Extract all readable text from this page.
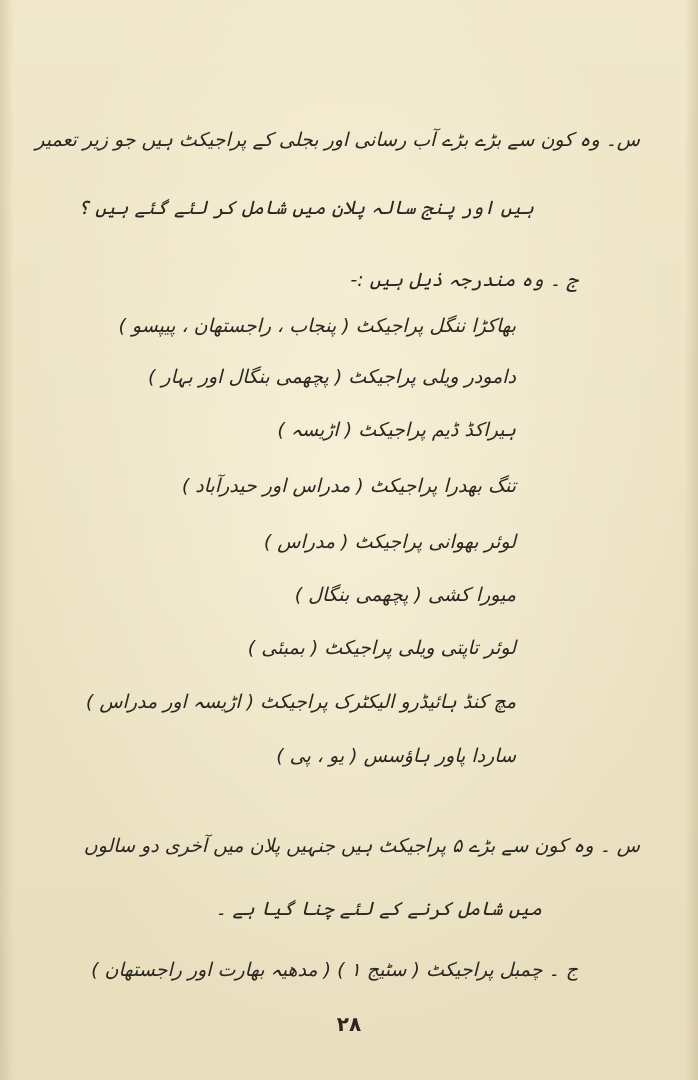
س۔ وہ کون سے بڑے بڑے آب رسانی اور بجلی کے پراجیکٹ ہیں جو زیر تعمیر
ہیں اور پنج سالہ پلان میں شامل کر لئے گئے ہیں ؟
ج ۔ وہ مندرجہ ذیل ہیں :-
بھاکڑا ننگل پراجیکٹ ( پنجاب ، راجستھان ، پیپسو )
دامودر ویلی پراجیکٹ ( پچھمی بنگال اور بہار )
ہیراکڈ ڈیم پراجیکٹ ( اڑیسہ )
تنگ بھدرا پراجیکٹ ( مدراس اور حیدرآباد )
لوئر بھوانی پراجیکٹ ( مدراس )
میورا کشی ( پچھمی بنگال )
لوئر تاپتی ویلی پراجیکٹ ( بمبئی )
مچ کنڈ ہائیڈرو الیکٹرک پراجیکٹ ( اڑیسہ اور مدراس )
ساردا پاور ہاؤسس ( یو ، پی )
س ۔ وہ کون سے بڑے ۵ پراجیکٹ ہیں جنہیں پلان میں آخری دو سالوں
میں شامل کرنے کے لئے چنا گیا ہے ۔
ج ۔ چمبل پراجیکٹ ( سٹیج ۱ ) ( مدھیہ بھارت اور راجستھان )
۲۸
